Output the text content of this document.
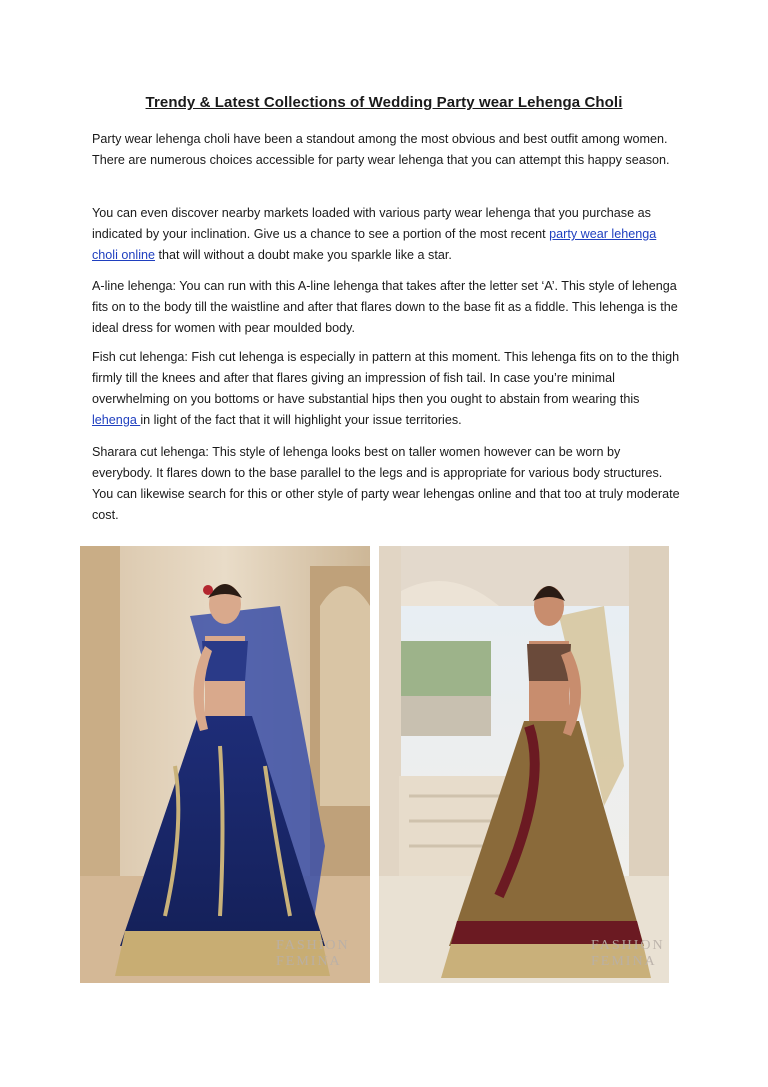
Trendy & Latest Collections of Wedding Party wear Lehenga Choli

Party wear lehenga choli have been a standout among the most obvious and best outfit among women. There are numerous choices accessible for party wear lehenga that you can attempt this happy season.

You can even discover nearby markets loaded with various party wear lehenga that you purchase as indicated by your inclination. Give us a chance to see a portion of the most recent party wear lehenga choli online that will without a doubt make you sparkle like a star.

A-line lehenga: You can run with this A-line lehenga that takes after the letter set ‘A’. This style of lehenga fits on to the body till the waistline and after that flares down to the base fit as a fiddle. This lehenga is the ideal dress for women with pear moulded body.

Fish cut lehenga: Fish cut lehenga is especially in pattern at this moment. This lehenga fits on to the thigh firmly till the knees and after that flares giving an impression of fish tail. In case you’re minimal overwhelming on you bottoms or have substantial hips then you ought to abstain from wearing this lehenga in light of the fact that it will highlight your issue territories.

Sharara cut lehenga: This style of lehenga looks best on taller women however can be worn by everybody. It flares down to the base parallel to the legs and is appropriate for various body structures. You can likewise search for this or other style of party wear lehengas online and that too at truly moderate cost.

FASHION
FEMINA
FASHION
FEMINA
